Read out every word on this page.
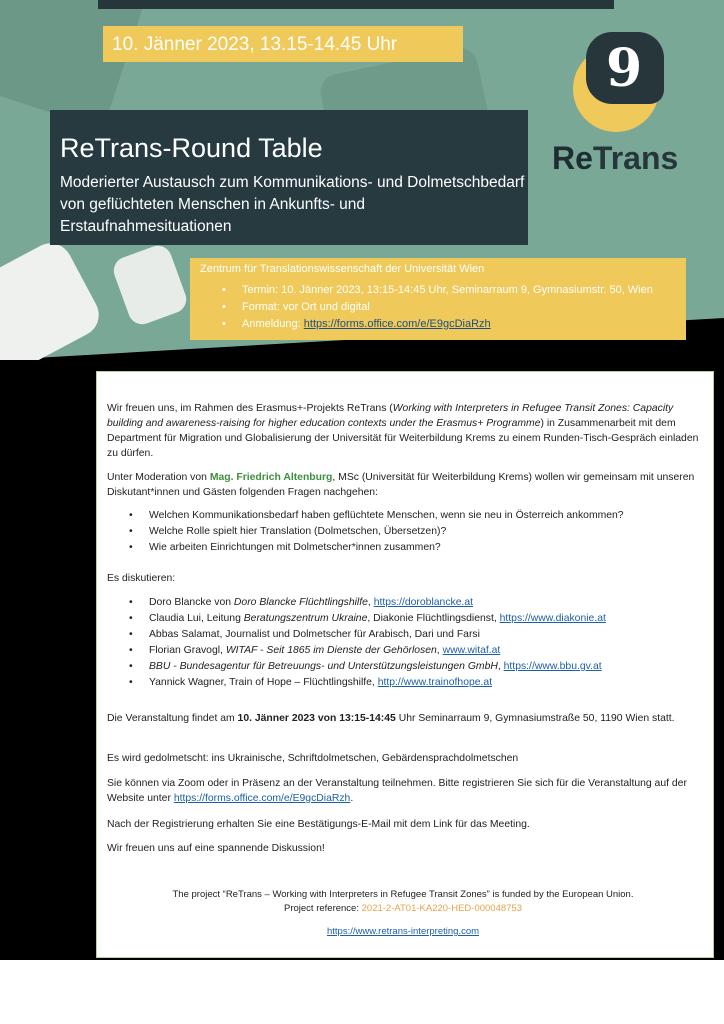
10. Jänner 2023, 13.15-14.45 Uhr
ReTrans-Round Table
Moderierter Austausch zum Kommunikations- und Dolmetschbedarf von geflüchteten Menschen in Ankunfts- und Erstaufnahmesituationen
9
ReTrans
Zentrum für Translationswissenschaft der Universität Wien
• Termin: 10. Jänner 2023, 13:15-14:45 Uhr, Seminarraum 9, Gymnasiumstr. 50, Wien
• Format: vor Ort und digital
• Anmeldung: https://forms.office.com/e/E9gcDiaRzh

Wir freuen uns, im Rahmen des Erasmus+-Projekts ReTrans (Working with Interpreters in Refugee Transit Zones: Capacity building and awareness-raising for higher education contexts under the Erasmus+ Programme) in Zusammenarbeit mit dem Department für Migration und Globalisierung der Universität für Weiterbildung Krems zu einem Runden-Tisch-Gespräch einladen zu dürfen.

Unter Moderation von Mag. Friedrich Altenburg, MSc (Universität für Weiterbildung Krems) wollen wir gemeinsam mit unseren Diskutant*innen und Gästen folgenden Fragen nachgehen:

• Welchen Kommunikationsbedarf haben geflüchtete Menschen, wenn sie neu in Österreich ankommen?
• Welche Rolle spielt hier Translation (Dolmetschen, Übersetzen)?
• Wie arbeiten Einrichtungen mit Dolmetscher*innen zusammen?
Es diskutieren:
• Doro Blancke von Doro Blancke Flüchtlingshilfe, https://doroblancke.at
• Claudia Lui, Leitung Beratungszentrum Ukraine, Diakonie Flüchtlingsdienst, https://www.diakonie.at
• Abbas Salamat, Journalist und Dolmetscher für Arabisch, Dari und Farsi
• Florian Gravogl, WITAF - Seit 1865 im Dienste der Gehörlosen, www.witaf.at
• BBU - Bundesagentur für Betreuungs- und Unterstützungsleistungen GmbH, https://www.bbu.gv.at
• Yannick Wagner, Train of Hope – Flüchtlingshilfe, http://www.trainofhope.at

Die Veranstaltung findet am 10. Jänner 2023 von 13:15-14:45 Uhr Seminarraum 9, Gymnasiumstraße 50, 1190 Wien statt.

Es wird gedolmetscht: ins Ukrainische, Schriftdolmetschen, Gebärdensprachdolmetschen

Sie können via Zoom oder in Präsenz an der Veranstaltung teilnehmen. Bitte registrieren Sie sich für die Veranstaltung auf der Website unter https://forms.office.com/e/E9gcDiaRzh.

Nach der Registrierung erhalten Sie eine Bestätigungs-E-Mail mit dem Link für das Meeting.
Wir freuen uns auf eine spannende Diskussion!
The project “ReTrans – Working with Interpreters in Refugee Transit Zones” is funded by the European Union.
Project reference: 2021-2-AT01-KA220-HED-000048753
https://www.retrans-interpreting.com
